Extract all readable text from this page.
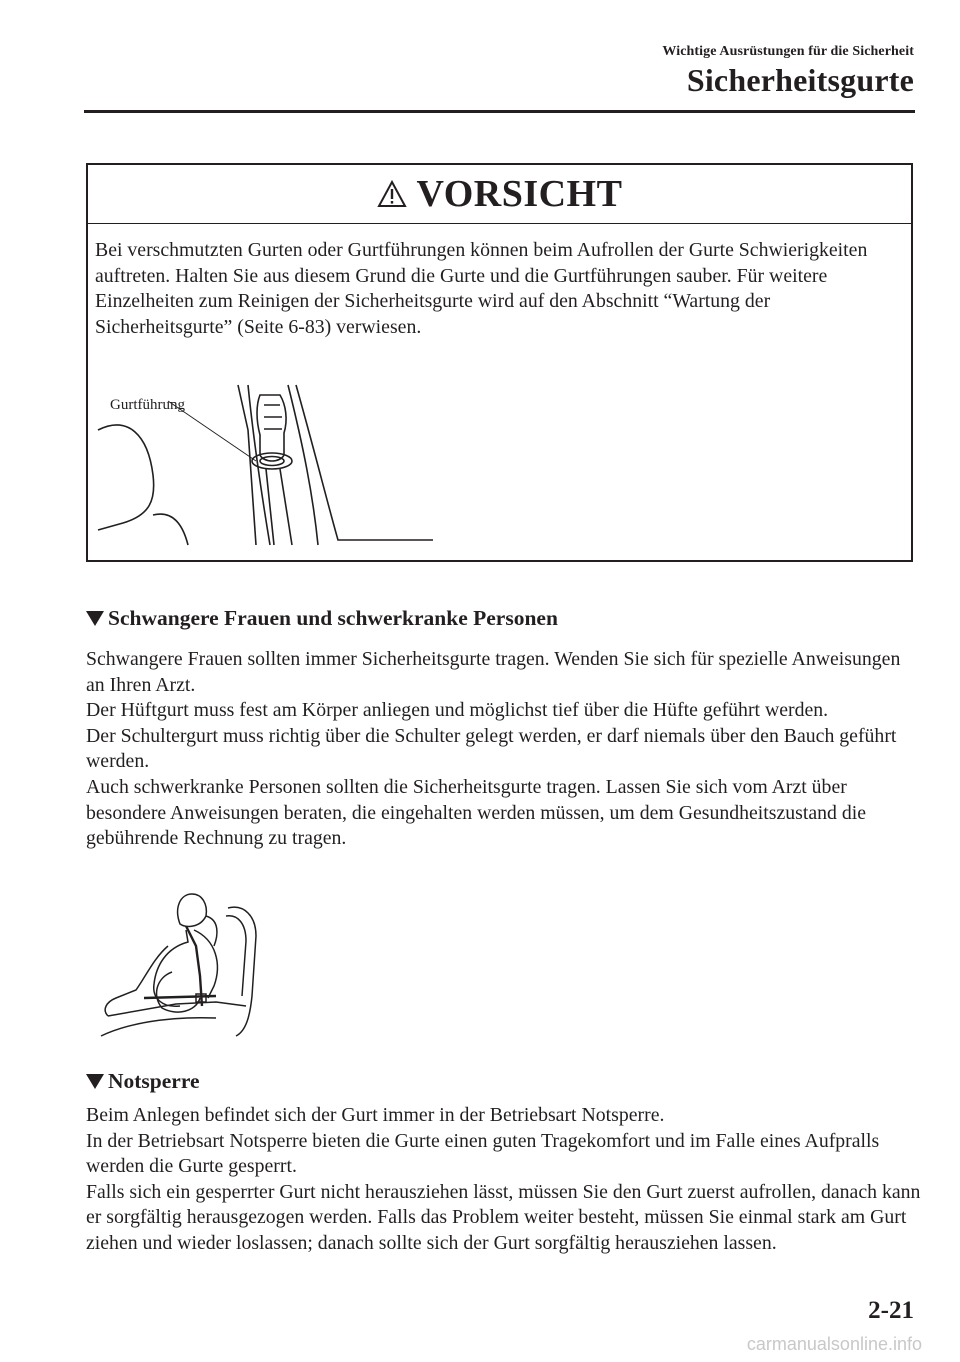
Wichtige Ausrüstungen für die Sicherheit
Sicherheitsgurte
VORSICHT
Bei verschmutzten Gurten oder Gurtführungen können beim Aufrollen der Gurte Schwierigkeiten auftreten. Halten Sie aus diesem Grund die Gurte und die Gurtführungen sauber. Für weitere Einzelheiten zum Reinigen der Sicherheitsgurte wird auf den Abschnitt “Wartung der Sicherheitsgurte” (Seite 6-83) verwiesen.
Gurtführung
Schwangere Frauen und schwerkranke Personen

Schwangere Frauen sollten immer Sicherheitsgurte tragen. Wenden Sie sich für spezielle Anweisungen an Ihren Arzt.

Der Hüftgurt muss fest am Körper anliegen und möglichst tief über die Hüfte geführt werden.

Der Schultergurt muss richtig über die Schulter gelegt werden, er darf niemals über den Bauch geführt werden.

Auch schwerkranke Personen sollten die Sicherheitsgurte tragen. Lassen Sie sich vom Arzt über besondere Anweisungen beraten, die eingehalten werden müssen, um dem Gesundheitszustand die gebührende Rechnung zu tragen.

Notsperre

Beim Anlegen befindet sich der Gurt immer in der Betriebsart Notsperre.

In der Betriebsart Notsperre bieten die Gurte einen guten Tragekomfort und im Falle eines Aufpralls werden die Gurte gesperrt.

Falls sich ein gesperrter Gurt nicht herausziehen lässt, müssen Sie den Gurt zuerst aufrollen, danach kann er sorgfältig herausgezogen werden. Falls das Problem weiter besteht, müssen Sie einmal stark am Gurt ziehen und wieder loslassen; danach sollte sich der Gurt sorgfältig herausziehen lassen.

2-21
carmanualsonline.info
